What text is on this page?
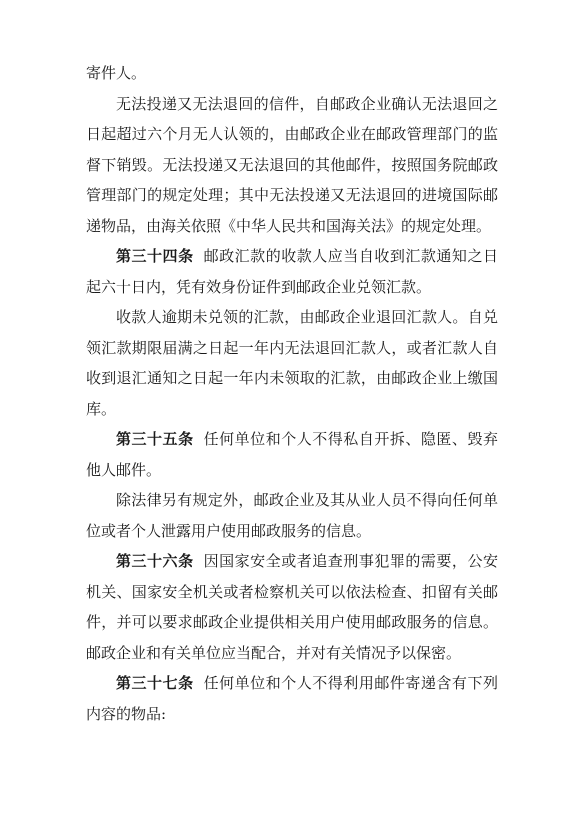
寄件人。

无法投递又无法退回的信件，自邮政企业确认无法退回之日起超过六个月无人认领的，由邮政企业在邮政管理部门的监督下销毁。无法投递又无法退回的其他邮件，按照国务院邮政管理部门的规定处理；其中无法投递又无法退回的进境国际邮递物品，由海关依照《中华人民共和国海关法》的规定处理。

第三十四条 邮政汇款的收款人应当自收到汇款通知之日起六十日内，凭有效身份证件到邮政企业兑领汇款。

收款人逾期未兑领的汇款，由邮政企业退回汇款人。自兑领汇款期限届满之日起一年内无法退回汇款人，或者汇款人自收到退汇通知之日起一年内未领取的汇款，由邮政企业上缴国库。

第三十五条 任何单位和个人不得私自开拆、隐匿、毁弃他人邮件。

除法律另有规定外，邮政企业及其从业人员不得向任何单位或者个人泄露用户使用邮政服务的信息。

第三十六条 因国家安全或者追查刑事犯罪的需要，公安机关、国家安全机关或者检察机关可以依法检查、扣留有关邮件，并可以要求邮政企业提供相关用户使用邮政服务的信息。邮政企业和有关单位应当配合，并对有关情况予以保密。

第三十七条 任何单位和个人不得利用邮件寄递含有下列内容的物品:
